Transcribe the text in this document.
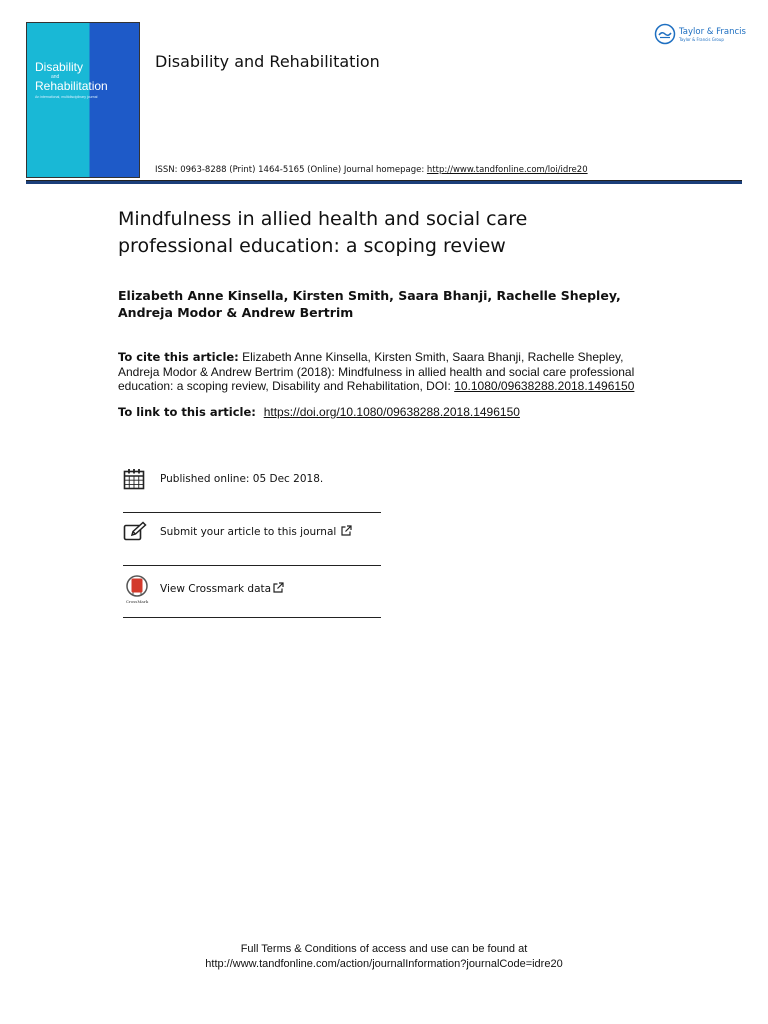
Disability
and
Rehabilitation
An international, multidisciplinary journal
Disability and Rehabilitation
Taylor & Francis
Taylor & Francis Group
ISSN: 0963-8288 (Print) 1464-5165 (Online) Journal homepage: http://www.tandfonline.com/loi/idre20
Mindfulness in allied health and social care
professional education: a scoping review
Elizabeth Anne Kinsella, Kirsten Smith, Saara Bhanji, Rachelle Shepley,
Andreja Modor & Andrew Bertrim
To cite this article: Elizabeth Anne Kinsella, Kirsten Smith, Saara Bhanji, Rachelle Shepley, Andreja Modor & Andrew Bertrim (2018): Mindfulness in allied health and social care professional education: a scoping review, Disability and Rehabilitation, DOI: 10.1080/09638288.2018.1496150
To link to this article: https://doi.org/10.1080/09638288.2018.1496150
Published online: 05 Dec 2018.
Submit your article to this journal
CrossMark
View Crossmark data
Full Terms & Conditions of access and use can be found at
http://www.tandfonline.com/action/journalInformation?journalCode=idre20
